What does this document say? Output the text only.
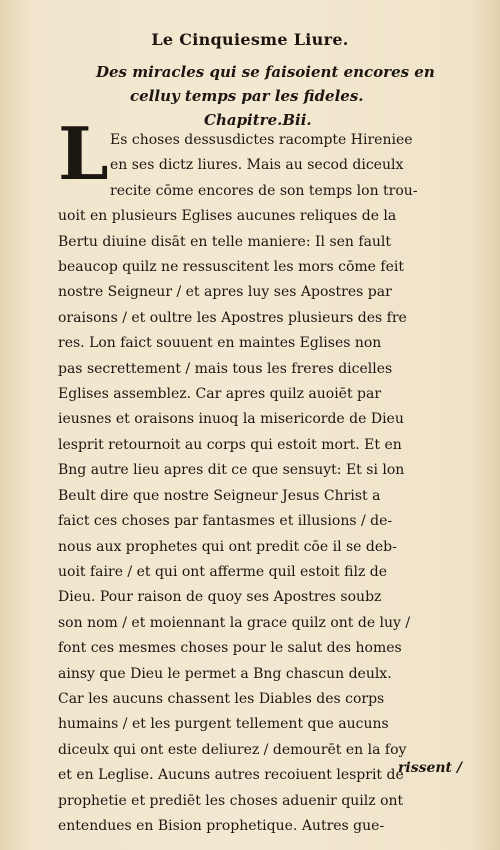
Le Cinquiesme Liure.
Des miracles qui se faisoient encores en
celluy temps par les fideles.
Chapitre.Bii.
L Es choses dessusdictes racompte Hireniee
en ses dictz liures. Mais au secod diceulx
recite cōme encores de son temps lon trou-
uoit en plusieurs Eglises aucunes reliques de la
Bertu diuine disāt en telle maniere: Il sen fault
beaucop quilz ne ressuscitent les mors cōme feit
nostre Seigneur / et apres luy ses Apostres par
oraisons / et oultre les Apostres plusieurs des fre
res. Lon faict souuent en maintes Eglises non
pas secrettement / mais tous les freres dicelles
Eglises assemblez. Car apres quilz auoiēt par
ieusnes et oraisons inuoq la misericorde de Dieu
lesprit retournoit au corps qui estoit mort. Et en
Bng autre lieu apres dit ce que sensuyt: Et si lon
Beult dire que nostre Seigneur Jesus Christ a
faict ces choses par fantasmes et illusions / de-
nous aux prophetes qui ont predit cōe il se deb-
uoit faire / et qui ont afferme quil estoit filz de
Dieu. Pour raison de quoy ses Apostres soubz
son nom / et moiennant la grace quilz ont de luy /
font ces mesmes choses pour le salut des homes
ainsy que Dieu le permet a Bng chascun deulx.
Car les aucuns chassent les Diables des corps
humains / et les purgent tellement que aucuns
diceulx qui ont este deliurez / demourēt en la foy
et en Leglise. Aucuns autres recoiuent lesprit de
prophetie et prediēt les choses aduenir quilz ont
entendues en Bision prophetique. Autres gue-
rissent /
